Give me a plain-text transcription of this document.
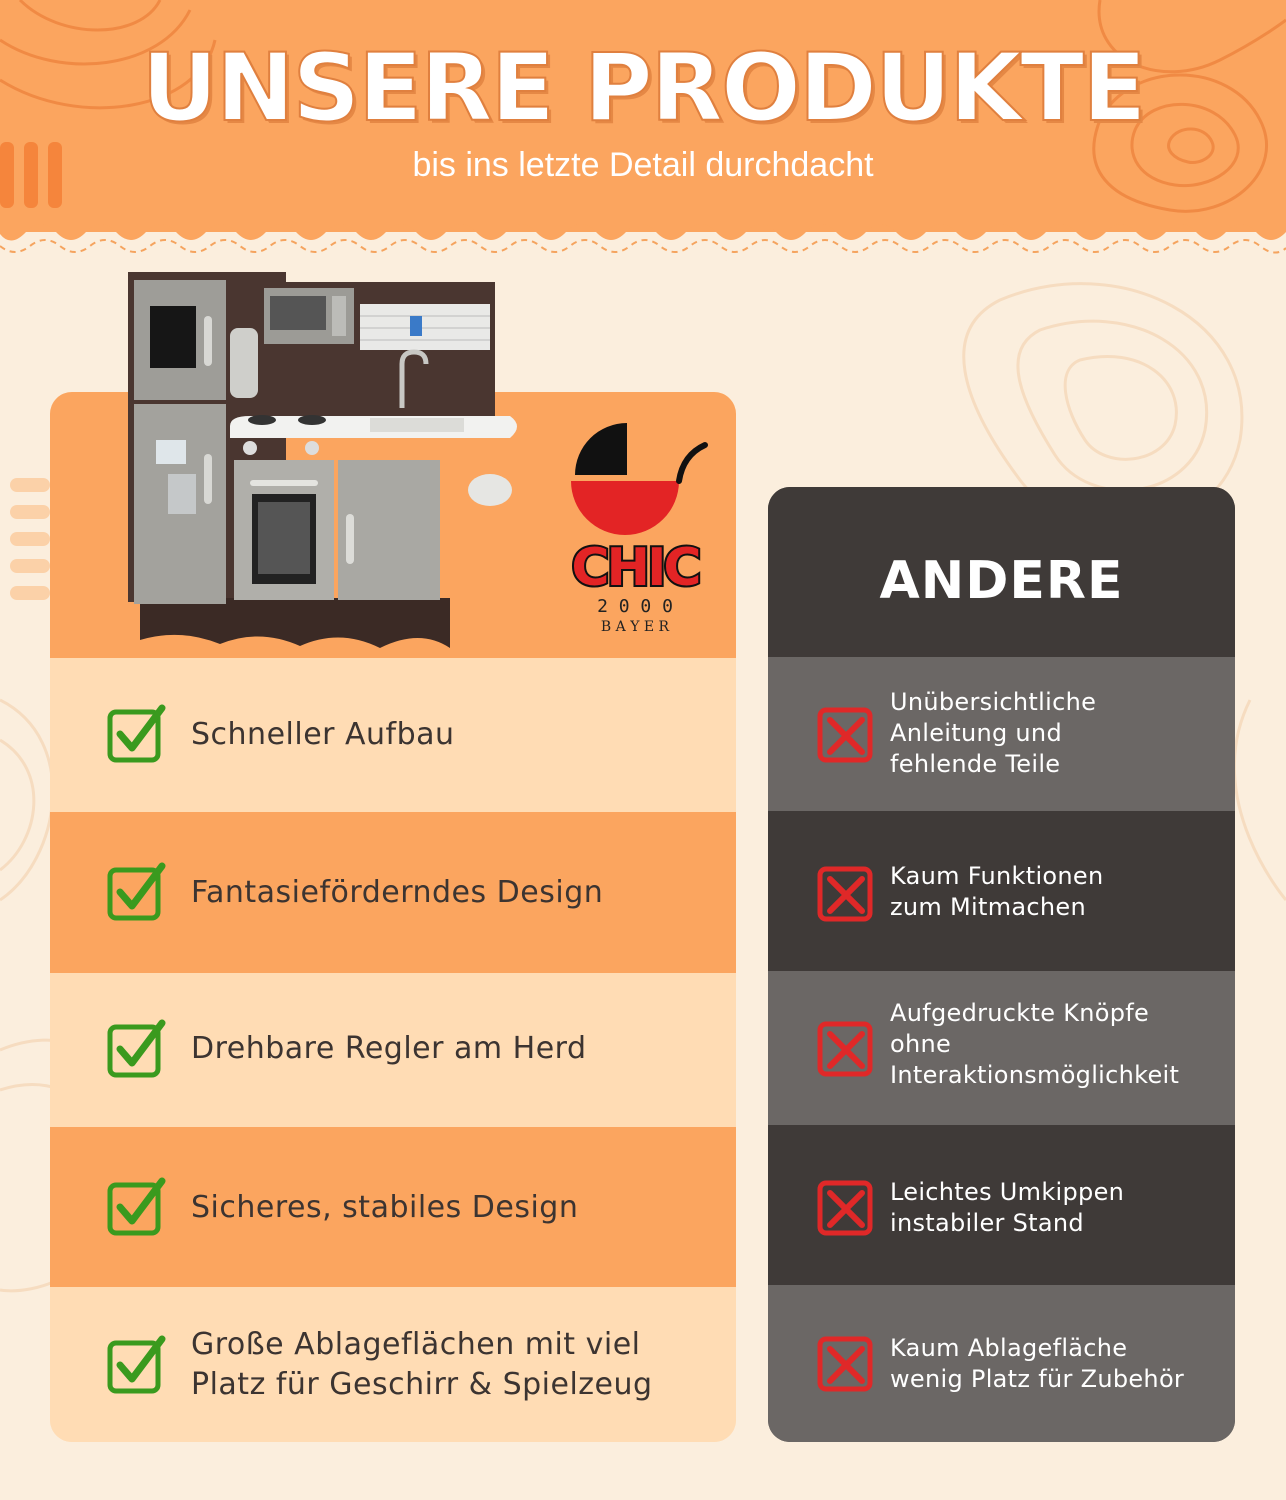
UNSERE PRODUKTE
bis ins letzte Detail durchdacht
Schneller Aufbau
Fantasieförderndes Design
Drehbare Regler am Herd
Sicheres, stabiles Design
Große Ablageflächen mit viel
Platz für Geschirr & Spielzeug
CHIC
2 0 0 0
B A Y E R
ANDERE
Unübersichtliche
Anleitung und
fehlende Teile
Kaum Funktionen
zum Mitmachen
Aufgedruckte Knöpfe
ohne
Interaktionsmöglichkeit
Leichtes Umkippen
instabiler Stand
Kaum Ablagefläche
wenig Platz für Zubehör
